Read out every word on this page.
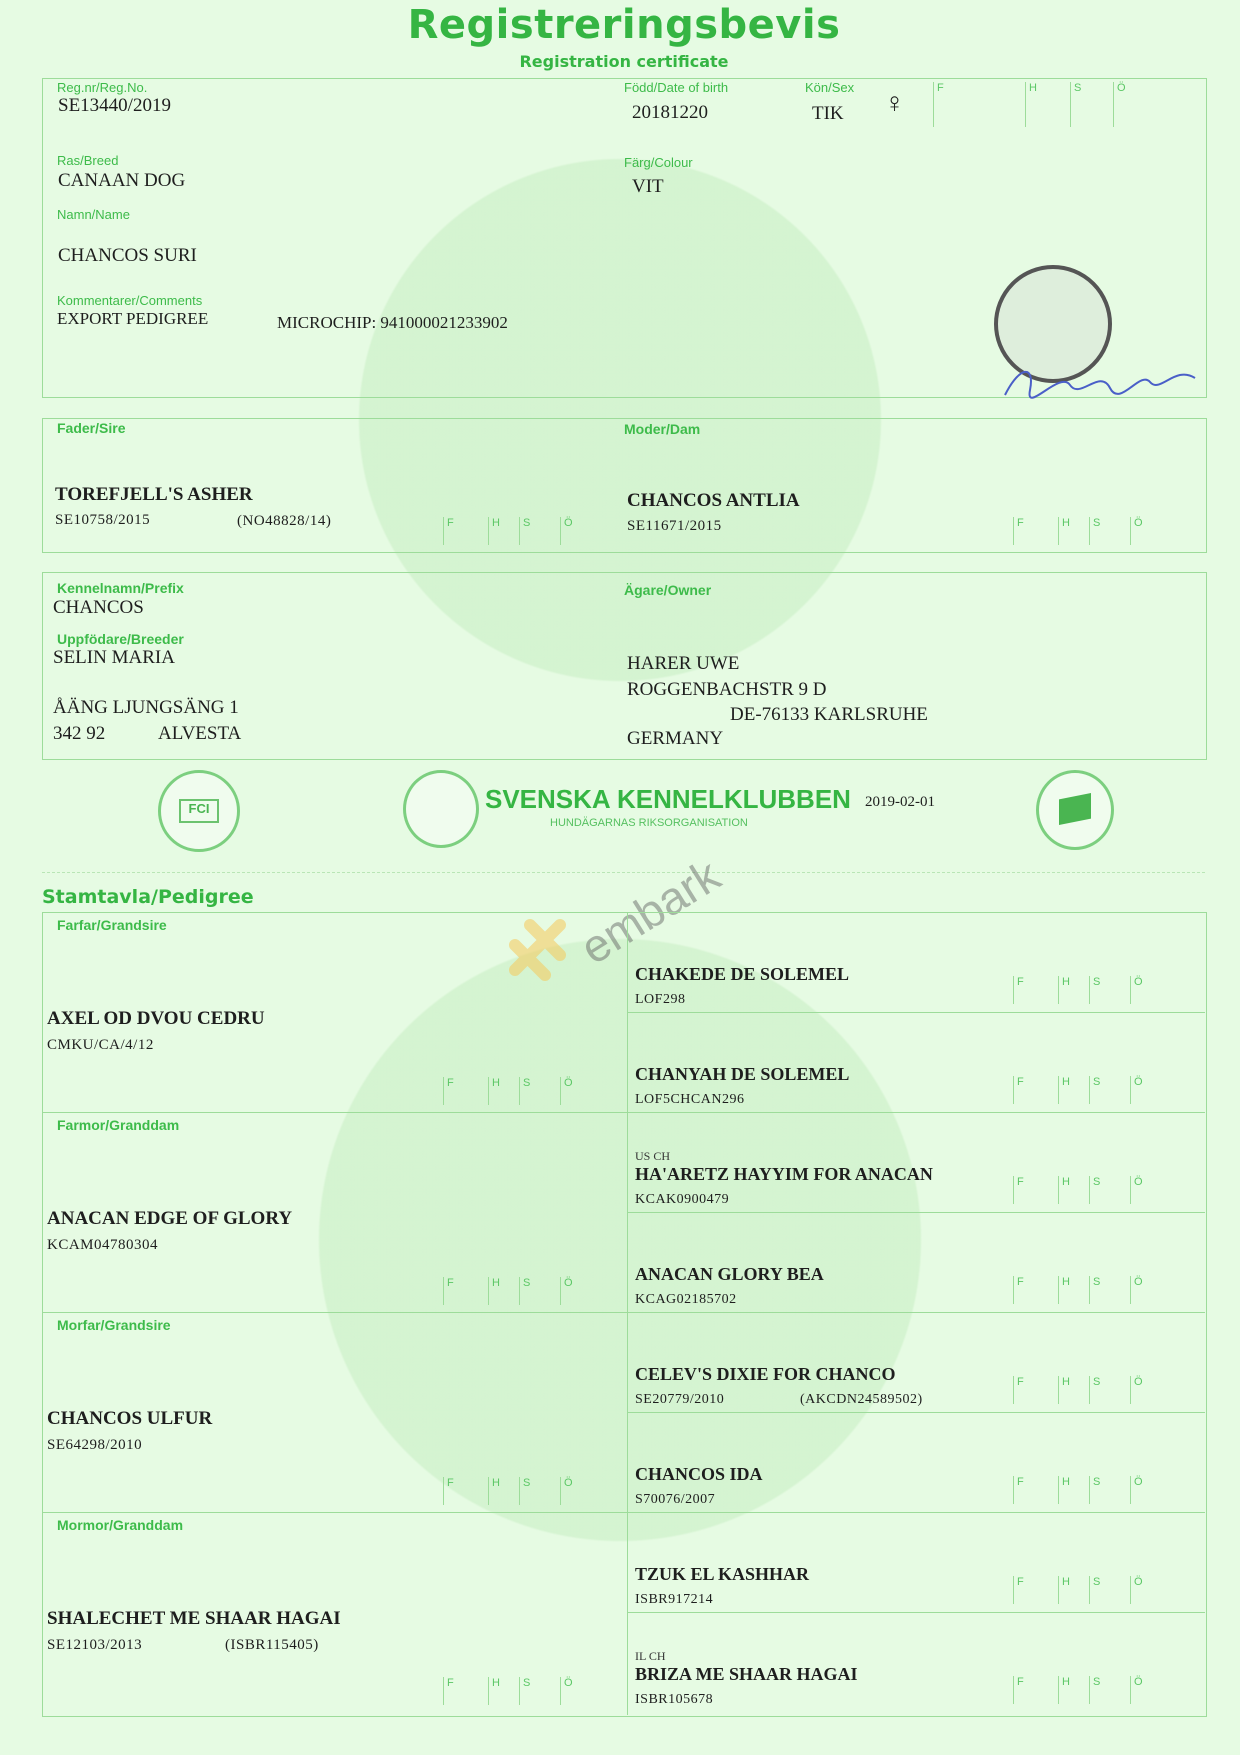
Registreringsbevis
Registration certificate
Reg.nr/Reg.No.
SE13440/2019
Född/Date of birth
20181220
Kön/Sex
TIK ♀	F	H	S	Ö
Ras/Breed
CANAAN DOG
Färg/Colour
VIT
Namn/Name
CHANCOS SURI
Kommentarer/Comments
EXPORT PEDIGREE	MICROCHIP: 941000021233902
Fader/Sire
TOREFJELL'S ASHER
SE10758/2015	(NO48828/14)	F	H	S	Ö
Moder/Dam
CHANCOS ANTLIA
SE11671/2015	F	H	S	Ö
Kennelnamn/Prefix
CHANCOS
Uppfödare/Breeder
SELIN MARIA
ÅÄNG LJUNGSÄNG 1
342 92	ALVESTA
Ägare/Owner
HARER UWE
ROGGENBACHSTR 9 D
DE-76133 KARLSRUHE
GERMANY
FCI	SVENSKA KENNELKLUBBEN
HUNDÄGARNAS RIKSORGANISATION
2019-02-01
embark
Stamtavla/Pedigree
Farfar/Grandsire
AXEL OD DVOU CEDRU
CMKU/CA/4/12
F	H	S	Ö
Farmor/Granddam
ANACAN EDGE OF GLORY
KCAM04780304
F	H	S	Ö
Morfar/Grandsire
CHANCOS ULFUR
SE64298/2010
F	H	S	Ö
Mormor/Granddam
SHALECHET ME SHAAR HAGAI
SE12103/2013	(ISBR115405)
F	H	S	Ö
CHAKEDE DE SOLEMEL
LOF298
F	H	S	Ö
CHANYAH DE SOLEMEL
LOF5CHCAN296
F	H	S	Ö
US CH
HA'ARETZ HAYYIM FOR ANACAN
KCAK0900479
F	H	S	Ö
ANACAN GLORY BEA
KCAG02185702
F	H	S	Ö
CELEV'S DIXIE FOR CHANCO
SE20779/2010	(AKCDN24589502)
F	H	S	Ö
CHANCOS IDA
S70076/2007
F	H	S	Ö
TZUK EL KASHHAR
ISBR917214
F	H	S	Ö
IL CH
BRIZA ME SHAAR HAGAI
ISBR105678
F	H	S	Ö
